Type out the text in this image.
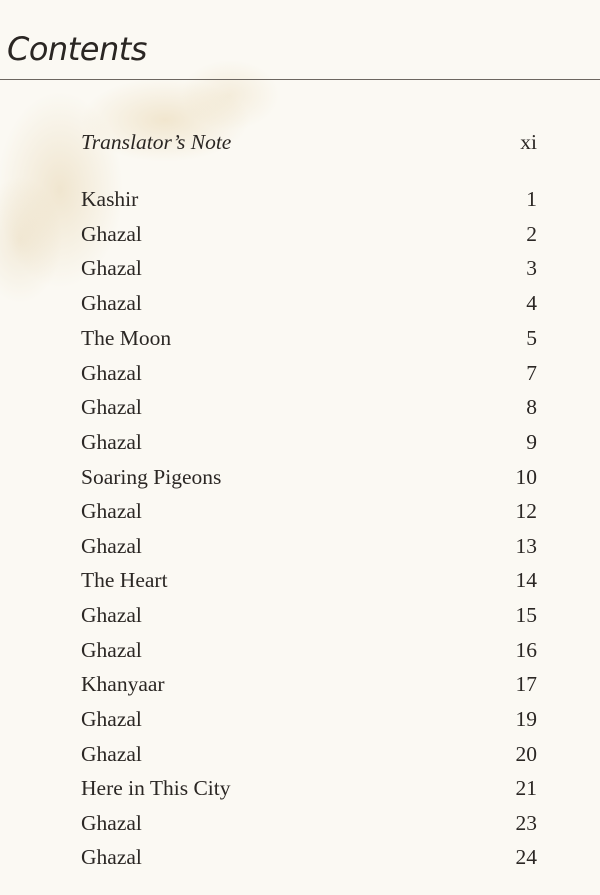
Contents
Translator’s Note	xi
Kashir	1
Ghazal	2
Ghazal	3
Ghazal	4
The Moon	5
Ghazal	7
Ghazal	8
Ghazal	9
Soaring Pigeons	10
Ghazal	12
Ghazal	13
The Heart	14
Ghazal	15
Ghazal	16
Khanyaar	17
Ghazal	19
Ghazal	20
Here in This City	21
Ghazal	23
Ghazal	24
